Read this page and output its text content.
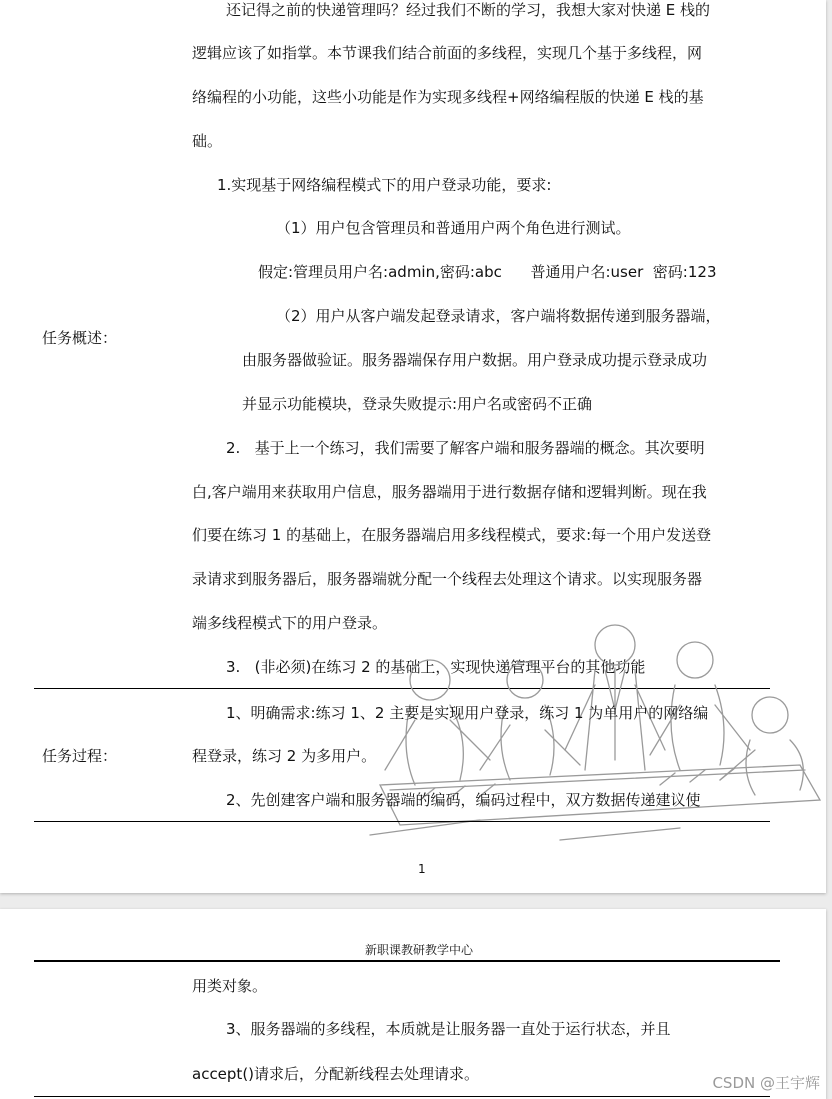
还记得之前的快递管理吗？经过我们不断的学习，我想大家对快递 E 栈的
逻辑应该了如指掌。本节课我们结合前面的多线程，实现几个基于多线程，网
络编程的小功能，这些小功能是作为实现多线程+网络编程版的快递 E 栈的基
础。
1.实现基于网络编程模式下的用户登录功能，要求:
（1）用户包含管理员和普通用户两个角色进行测试。
假定:管理员用户名:admin,密码:abc      普通用户名:user  密码:123
（2）用户从客户端发起登录请求，客户端将数据传递到服务器端，
由服务器做验证。服务器端保存用户数据。用户登录成功提示登录成功
并显示功能模块，登录失败提示:用户名或密码不正确
任务概述：
2.   基于上一个练习，我们需要了解客户端和服务器端的概念。其次要明
白,客户端用来获取用户信息，服务器端用于进行数据存储和逻辑判断。现在我
们要在练习 1 的基础上，在服务器端启用多线程模式，要求:每一个用户发送登
录请求到服务器后，服务器端就分配一个线程去处理这个请求。以实现服务器
端多线程模式下的用户登录。
3.   (非必须)在练习 2 的基础上，实现快递管理平台的其他功能
1、明确需求:练习 1、2 主要是实现用户登录，练习 1 为单用户的网络编
程登录，练习 2 为多用户。
2、先创建客户端和服务器端的编码，编码过程中，双方数据传递建议使
任务过程：
1
新职课教研教学中心
用类对象。
3、服务器端的多线程，本质就是让服务器一直处于运行状态，并且
accept()请求后，分配新线程去处理请求。	CSDN @王宇辉
